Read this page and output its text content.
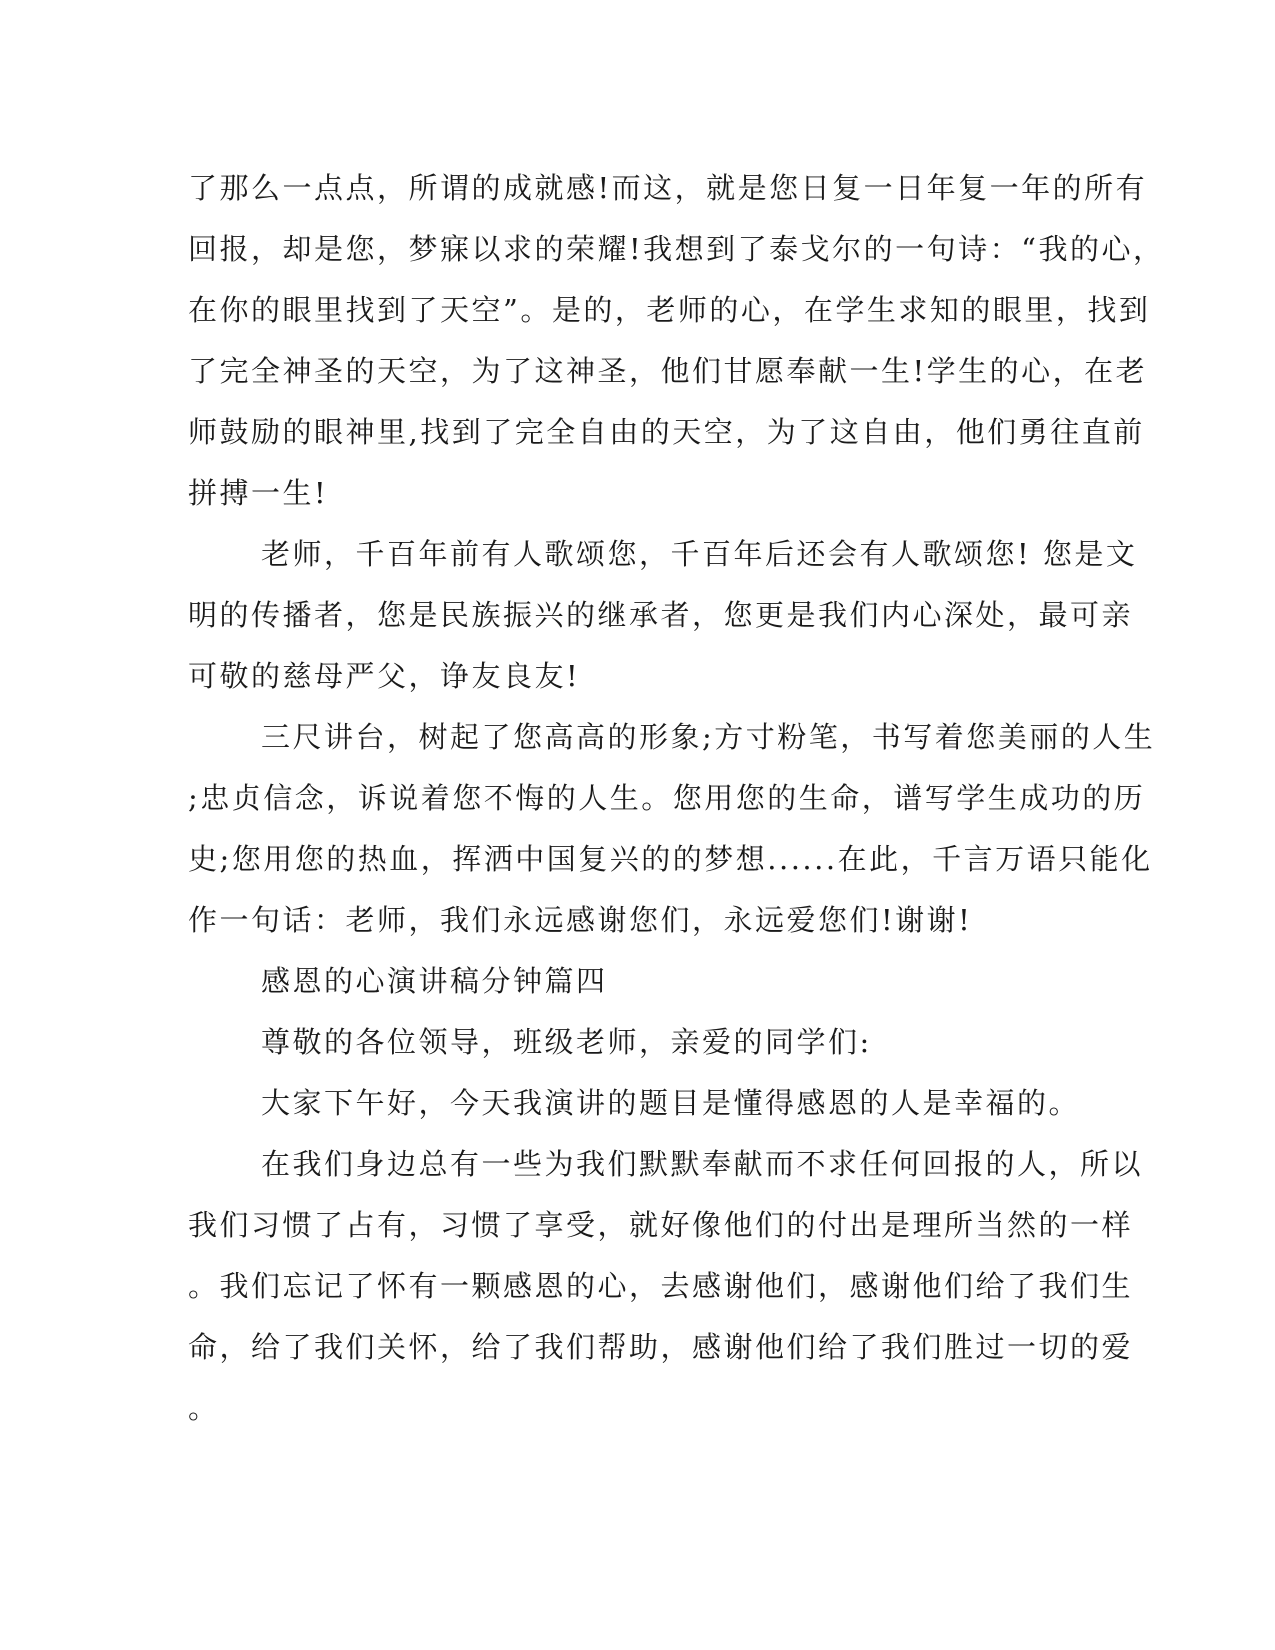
了那么一点点，所谓的成就感!而这，就是您日复一日年复一年的所有
回报，却是您，梦寐以求的荣耀!我想到了泰戈尔的一句诗：“我的心，
在你的眼里找到了天空”。是的，老师的心，在学生求知的眼里，找到
了完全神圣的天空，为了这神圣，他们甘愿奉献一生!学生的心，在老
师鼓励的眼神里,找到了完全自由的天空，为了这自由，他们勇往直前
拼搏一生!
老师，千百年前有人歌颂您，千百年后还会有人歌颂您! 您是文
明的传播者，您是民族振兴的继承者，您更是我们内心深处，最可亲
可敬的慈母严父，诤友良友!
三尺讲台，树起了您高高的形象;方寸粉笔，书写着您美丽的人生
;忠贞信念，诉说着您不悔的人生。您用您的生命，谱写学生成功的历
史;您用您的热血，挥洒中国复兴的的梦想......在此，千言万语只能化
作一句话：老师，我们永远感谢您们，永远爱您们!谢谢!
感恩的心演讲稿分钟篇四
尊敬的各位领导，班级老师，亲爱的同学们:
大家下午好，今天我演讲的题目是懂得感恩的人是幸福的。
在我们身边总有一些为我们默默奉献而不求任何回报的人，所以
我们习惯了占有，习惯了享受，就好像他们的付出是理所当然的一样
。我们忘记了怀有一颗感恩的心，去感谢他们，感谢他们给了我们生
命，给了我们关怀，给了我们帮助，感谢他们给了我们胜过一切的爱
。
